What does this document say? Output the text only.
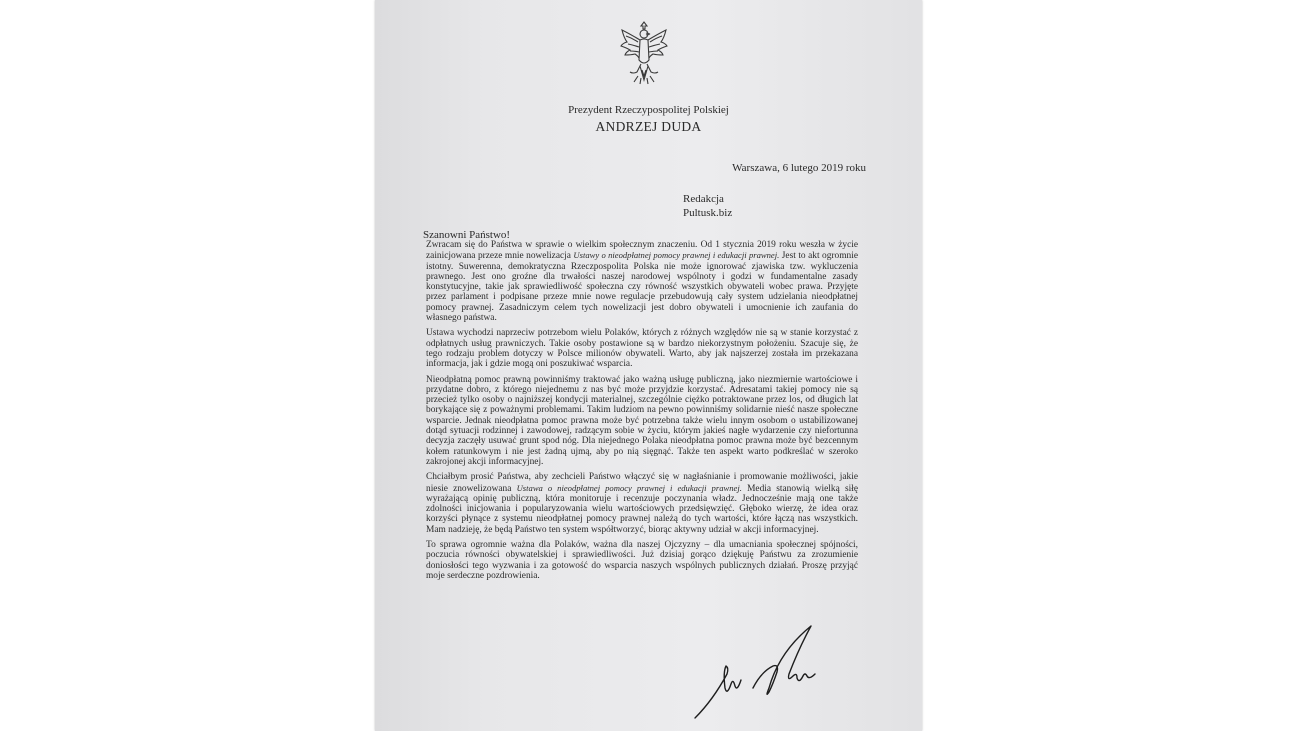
Prezydent Rzeczypospolitej Polskiej
ANDRZEJ DUDA
Warszawa, 6 lutego 2019 roku
Redakcja
Pultusk.biz
Szanowni Państwo!

Zwracam się do Państwa w sprawie o wielkim społecznym znaczeniu. Od 1 stycznia 2019 roku weszła w życie zainicjowana przeze mnie nowelizacja Ustawy o nieodpłatnej pomocy prawnej i edukacji prawnej. Jest to akt ogromnie istotny. Suwerenna, demokratyczna Rzeczpospolita Polska nie może ignorować zjawiska tzw. wykluczenia prawnego. Jest ono groźne dla trwałości naszej narodowej wspólnoty i godzi w fundamentalne zasady konstytucyjne, takie jak sprawiedliwość społeczna czy równość wszystkich obywateli wobec prawa. Przyjęte przez parlament i podpisane przeze mnie nowe regulacje przebudowują cały system udzielania nieodpłatnej pomocy prawnej. Zasadniczym celem tych nowelizacji jest dobro obywateli i umocnienie ich zaufania do własnego państwa.

Ustawa wychodzi naprzeciw potrzebom wielu Polaków, których z różnych względów nie są w stanie korzystać z odpłatnych usług prawniczych. Takie osoby postawione są w bardzo niekorzystnym położeniu. Szacuje się, że tego rodzaju problem dotyczy w Polsce milionów obywateli. Warto, aby jak najszerzej została im przekazana informacja, jak i gdzie mogą oni poszukiwać wsparcia.

Nieodpłatną pomoc prawną powinniśmy traktować jako ważną usługę publiczną, jako niezmiernie wartościowe i przydatne dobro, z którego niejednemu z nas być może przyjdzie korzystać. Adresatami takiej pomocy nie są przecież tylko osoby o najniższej kondycji materialnej, szczególnie ciężko potraktowane przez los, od długich lat borykające się z poważnymi problemami. Takim ludziom na pewno powinniśmy solidarnie nieść nasze społeczne wsparcie. Jednak nieodpłatna pomoc prawna może być potrzebna także wielu innym osobom o ustabilizowanej dotąd sytuacji rodzinnej i zawodowej, radzącym sobie w życiu, którym jakieś nagłe wydarzenie czy niefortunna decyzja zaczęły usuwać grunt spod nóg. Dla niejednego Polaka nieodpłatna pomoc prawna może być bezcennym kołem ratunkowym i nie jest żadną ujmą, aby po nią sięgnąć. Także ten aspekt warto podkreślać w szeroko zakrojonej akcji informacyjnej.

Chciałbym prosić Państwa, aby zechcieli Państwo włączyć się w nagłaśnianie i promowanie możliwości, jakie niesie znowelizowana Ustawa o nieodpłatnej pomocy prawnej i edukacji prawnej. Media stanowią wielką siłę wyrażającą opinię publiczną, która monitoruje i recenzuje poczynania władz. Jednocześnie mają one także zdolności inicjowania i popularyzowania wielu wartościowych przedsięwzięć. Głęboko wierzę, że idea oraz korzyści płynące z systemu nieodpłatnej pomocy prawnej należą do tych wartości, które łączą nas wszystkich. Mam nadzieję, że będą Państwo ten system współtworzyć, biorąc aktywny udział w akcji informacyjnej.

To sprawa ogromnie ważna dla Polaków, ważna dla naszej Ojczyzny – dla umacniania społecznej spójności, poczucia równości obywatelskiej i sprawiedliwości. Już dzisiaj gorąco dziękuję Państwu za zrozumienie doniosłości tego wyzwania i za gotowość do wsparcia naszych wspólnych publicznych działań. Proszę przyjąć moje serdeczne pozdrowienia.
